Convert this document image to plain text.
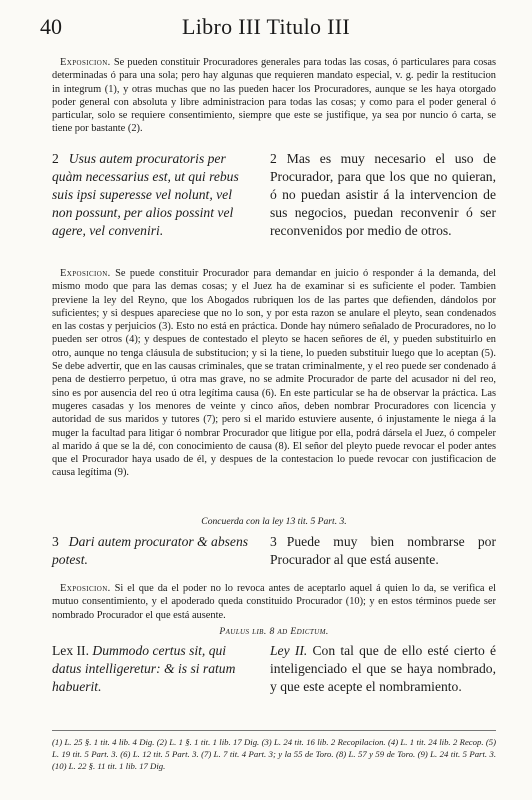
40	Libro III Titulo III

Exposicion. Se pueden constituir Procuradores generales para todas las cosas, ó particulares para cosas determinadas ó para una sola; pero hay algunas que requieren mandato especial, v. g. pedir la restitucion in integrum (1), y otras muchas que no las pueden hacer los Procuradores, aunque se les haya otorgado poder general con absoluta y libre administracion para todas las cosas; y como para el poder general ó particular, solo se requiere consentimiento, siempre que este se justifique, ya sea por nuncio ó carta, se tiene por bastante (2).

2 Usus autem procuratoris per quàm necessarius est, ut qui rebus suis ipsi superesse vel nolunt, vel non possunt, per alios possint vel agere, vel conveniri.

2 Mas es muy necesario el uso de Procurador, para que los que no quieran, ó no puedan asistir á la intervencion de sus negocios, puedan reconvenir ó ser reconvenidos por medio de otros.

Exposicion. Se puede constituir Procurador para demandar en juicio ó responder á la demanda, del mismo modo que para las demas cosas; y el Juez ha de examinar si es suficiente el poder. Tambien previene la ley del Reyno, que los Abogados rubriquen los de las partes que defienden, dándolos por suficientes; y si despues apareciese que no lo son, y por esta razon se anulare el pleyto, sean condenados en las costas y perjuicios (3). Esto no está en práctica. Donde hay número señalado de Procuradores, no lo pueden ser otros (4); y despues de contestado el pleyto se hacen señores de él, y pueden substituirlo en otro, aunque no tenga cláusula de substitucion; y si la tiene, lo pueden substituir luego que lo aceptan (5). Se debe advertir, que en las causas criminales, que se tratan criminalmente, y el reo puede ser condenado á pena de destierro perpetuo, ú otra mas grave, no se admite Procurador de parte del acusador ni del reo, sino es por ausencia del reo ú otra legítima causa (6). En este particular se ha de observar la práctica. Las mugeres casadas y los menores de veinte y cinco años, deben nombrar Procuradores con licencia y autoridad de sus maridos y tutores (7); pero si el marido estuviere ausente, ó injustamente le niega á la muger la facultad para litigar ó nombrar Procurador que litigue por ella, podrá dársela el Juez, ó compeler al marido á que se la dé, con conocimiento de causa (8). El señor del pleyto puede revocar el poder antes que el Procurador haya usado de él, y despues de la contestacion lo puede revocar con justificacion de causa legítima (9).

Concuerda con la ley 13 tit. 5 Part. 3.

3 Dari autem procurator & absens potest.

3 Puede muy bien nombrarse por Procurador al que está ausente.

Exposicion. Si el que da el poder no lo revoca antes de aceptarlo aquel á quien lo da, se verifica el mutuo consentimiento, y el apoderado queda constituido Procurador (10); y en estos términos puede ser nombrado Procurador el que está ausente.

Paulus lib. 8 ad Edictum.

Lex II. Dummodo certus sit, qui datus intelligeretur: & is si ratum habuerit.

Ley II. Con tal que de ello esté cierto é inteligenciado el que se haya nombrado, y que este acepte el nombramiento.

(1) L. 25 §. 1 tit. 4 lib. 4 Dig. (2) L. 1 §. 1 tit. 1 lib. 17 Dig. (3) L. 24 tit. 16 lib. 2 Recopilacion. (4) L. 1 tit. 24 lib. 2 Recop. (5) L. 19 tit. 5 Part. 3. (6) L. 12 tit. 5 Part. 3. (7) L. 7 tit. 4 Part. 3; y la 55 de Toro. (8) L. 57 y 59 de Toro. (9) L. 24 tit. 5 Part. 3. (10) L. 22 §. 11 tit. 1 lib. 17 Dig.
